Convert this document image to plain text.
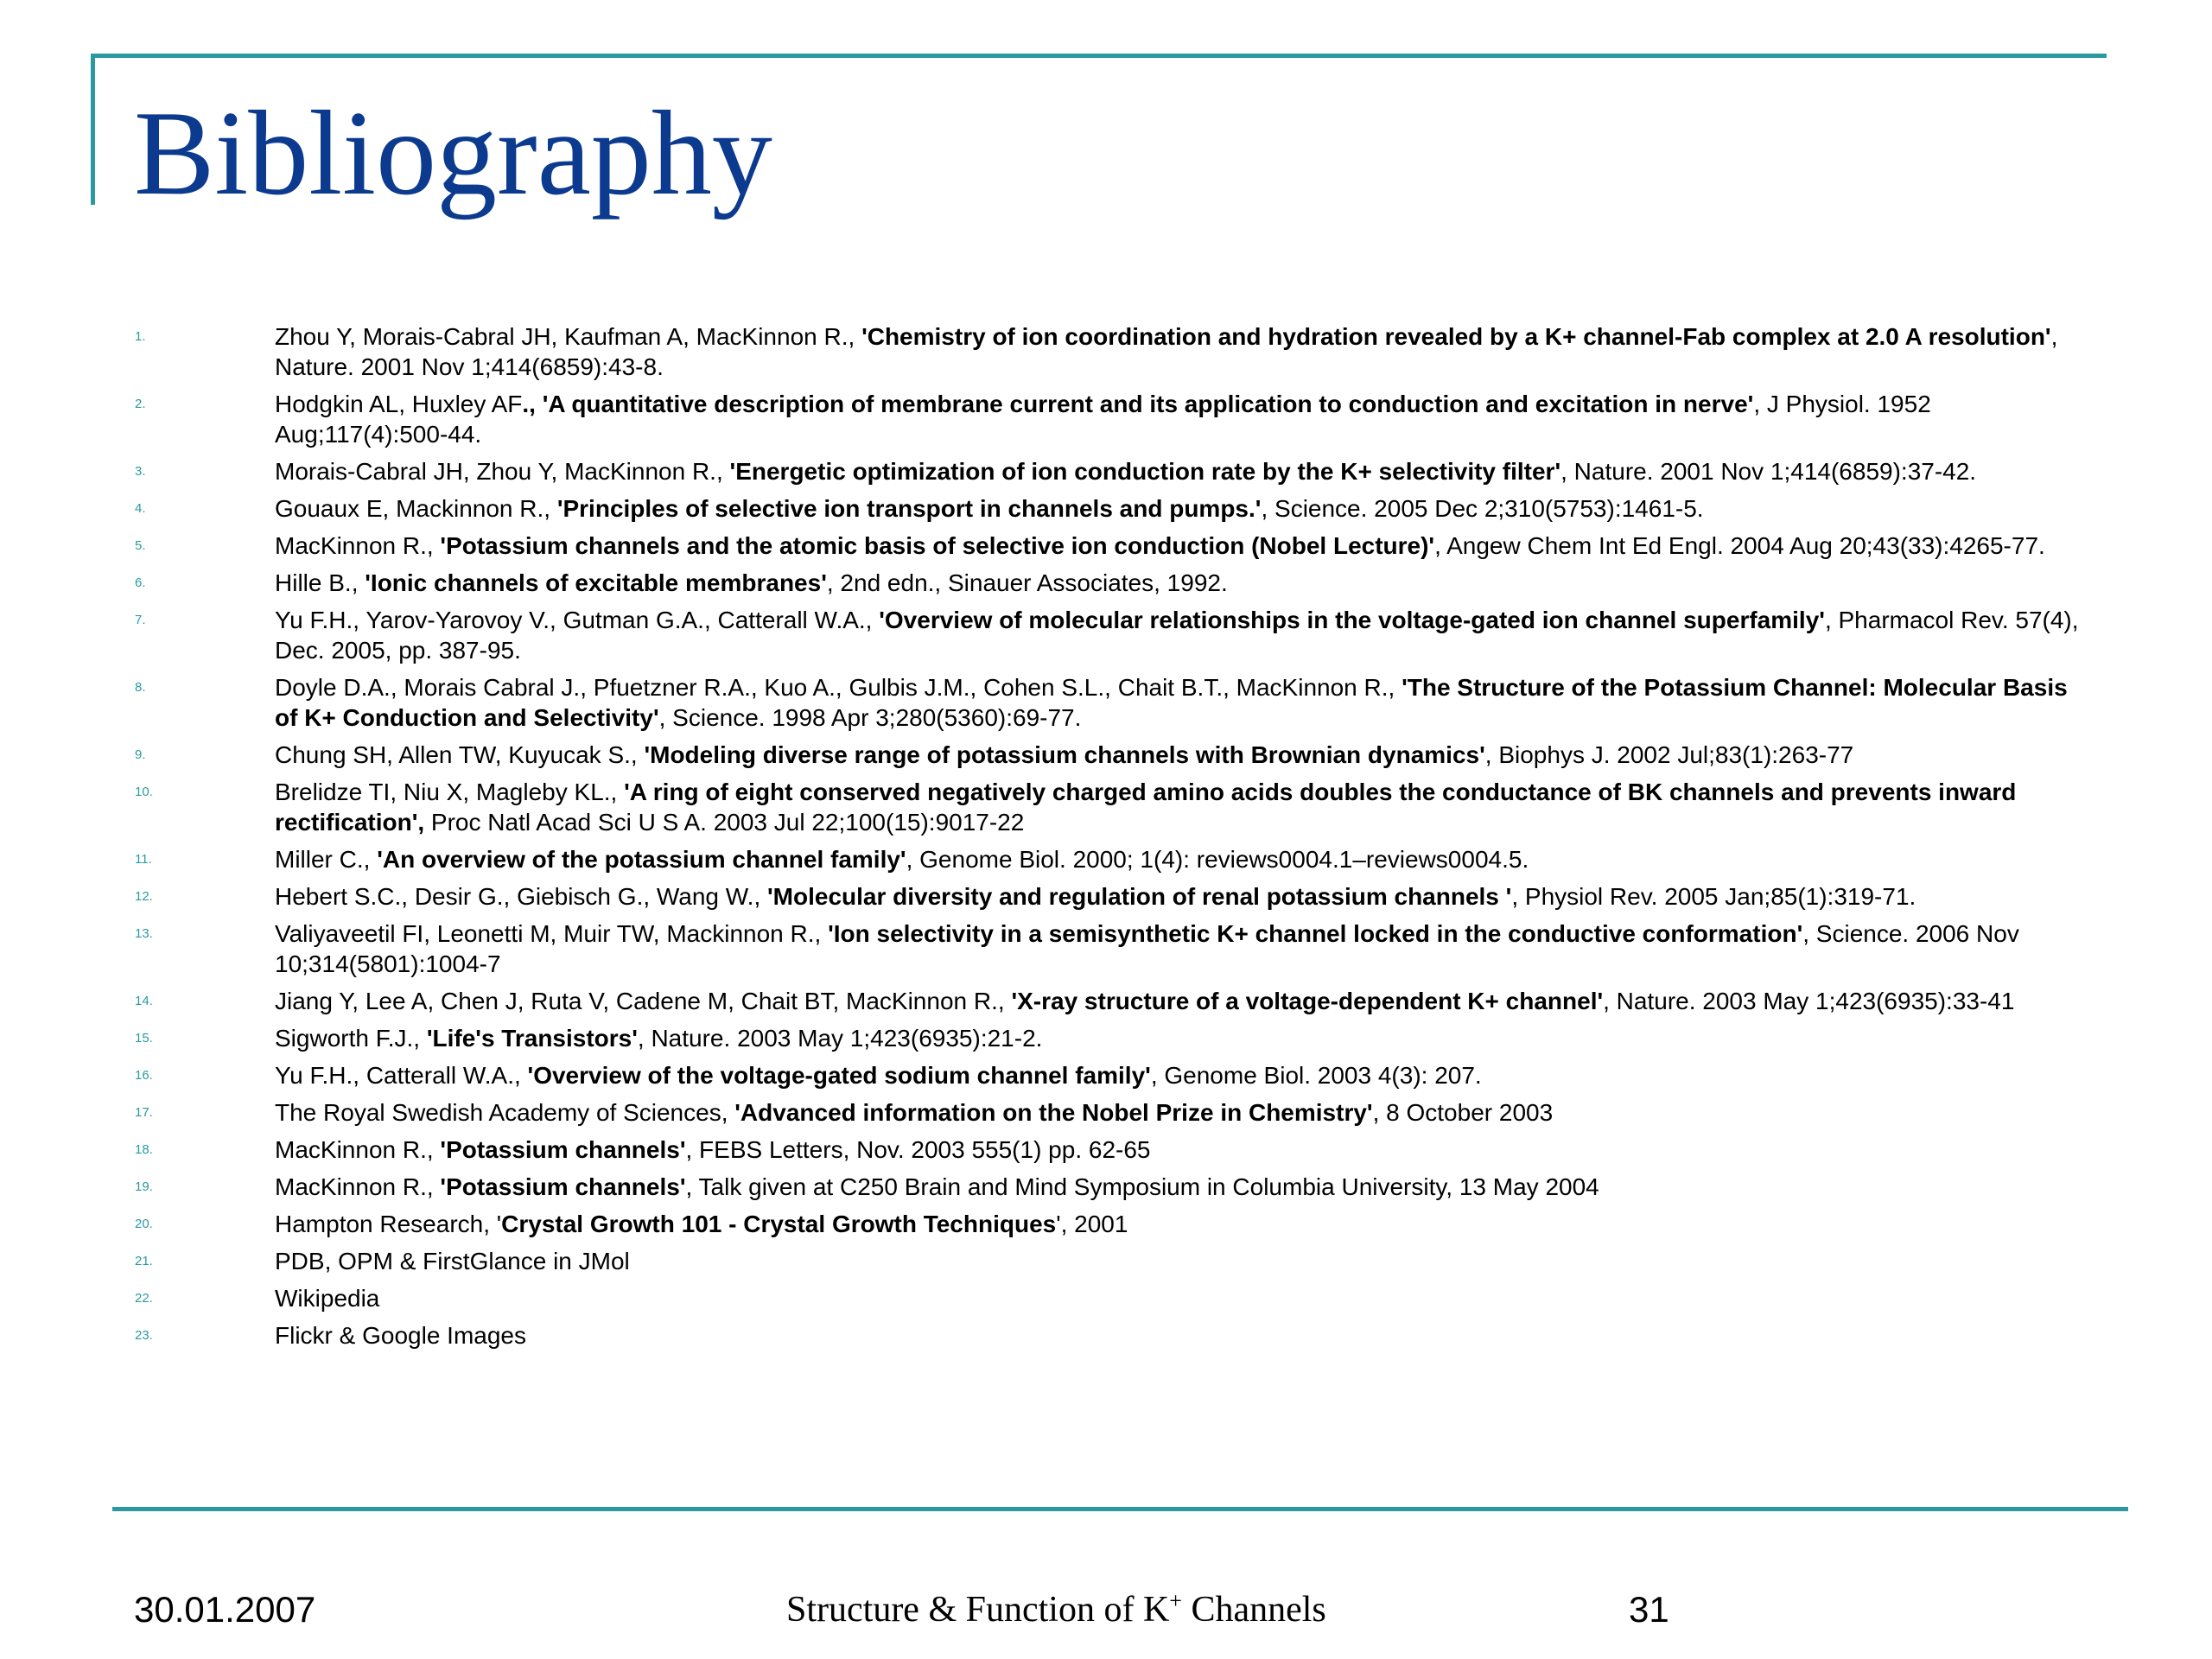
Bibliography
1.	Zhou Y, Morais-Cabral JH, Kaufman A, MacKinnon R., 'Chemistry of ion coordination and hydration revealed by a K+ channel-Fab complex at 2.0 A resolution', Nature. 2001 Nov 1;414(6859):43-8.
2.	Hodgkin AL, Huxley AF., 'A quantitative description of membrane current and its application to conduction and excitation in nerve', J Physiol. 1952 Aug;117(4):500-44.
3.	Morais-Cabral JH, Zhou Y, MacKinnon R., 'Energetic optimization of ion conduction rate by the K+ selectivity filter', Nature. 2001 Nov 1;414(6859):37-42.
4.	Gouaux E, Mackinnon R., 'Principles of selective ion transport in channels and pumps.', Science. 2005 Dec 2;310(5753):1461-5.
5.	MacKinnon R., 'Potassium channels and the atomic basis of selective ion conduction (Nobel Lecture)', Angew Chem Int Ed Engl. 2004 Aug 20;43(33):4265-77.
6.	Hille B., 'Ionic channels of excitable membranes', 2nd edn., Sinauer Associates, 1992.
7.	Yu F.H., Yarov-Yarovoy V., Gutman G.A., Catterall W.A., 'Overview of molecular relationships in the voltage-gated ion channel superfamily', Pharmacol Rev. 57(4), Dec. 2005, pp. 387-95.
8.	Doyle D.A., Morais Cabral J., Pfuetzner R.A., Kuo A., Gulbis J.M., Cohen S.L., Chait B.T., MacKinnon R., 'The Structure of the Potassium Channel: Molecular Basis of K+ Conduction and Selectivity', Science. 1998 Apr 3;280(5360):69-77.
9.	Chung SH, Allen TW, Kuyucak S., 'Modeling diverse range of potassium channels with Brownian dynamics', Biophys J. 2002 Jul;83(1):263-77
10.	Brelidze TI, Niu X, Magleby KL., 'A ring of eight conserved negatively charged amino acids doubles the conductance of BK channels and prevents inward rectification', Proc Natl Acad Sci U S A. 2003 Jul 22;100(15):9017-22
11.	Miller C., 'An overview of the potassium channel family', Genome Biol. 2000; 1(4): reviews0004.1–reviews0004.5.
12.	Hebert S.C., Desir G., Giebisch G., Wang W., 'Molecular diversity and regulation of renal potassium channels ', Physiol Rev. 2005 Jan;85(1):319-71.
13.	Valiyaveetil FI, Leonetti M, Muir TW, Mackinnon R., 'Ion selectivity in a semisynthetic K+ channel locked in the conductive conformation', Science. 2006 Nov 10;314(5801):1004-7
14.	Jiang Y, Lee A, Chen J, Ruta V, Cadene M, Chait BT, MacKinnon R., 'X-ray structure of a voltage-dependent K+ channel', Nature. 2003 May 1;423(6935):33-41
15.	Sigworth F.J., 'Life's Transistors', Nature. 2003 May 1;423(6935):21-2.
16.	Yu F.H., Catterall W.A., 'Overview of the voltage-gated sodium channel family', Genome Biol. 2003 4(3): 207.
17.	The Royal Swedish Academy of Sciences, 'Advanced information on the Nobel Prize in Chemistry', 8 October 2003
18.	MacKinnon R., 'Potassium channels', FEBS Letters, Nov. 2003 555(1) pp. 62-65
19.	MacKinnon R., 'Potassium channels', Talk given at C250 Brain and Mind Symposium in Columbia University, 13 May 2004
20.	Hampton Research, 'Crystal Growth 101 - Crystal Growth Techniques', 2001
21.	PDB, OPM & FirstGlance in JMol
22.	Wikipedia
23.	Flickr & Google Images
30.01.2007	Structure & Function of K+ Channels	31
